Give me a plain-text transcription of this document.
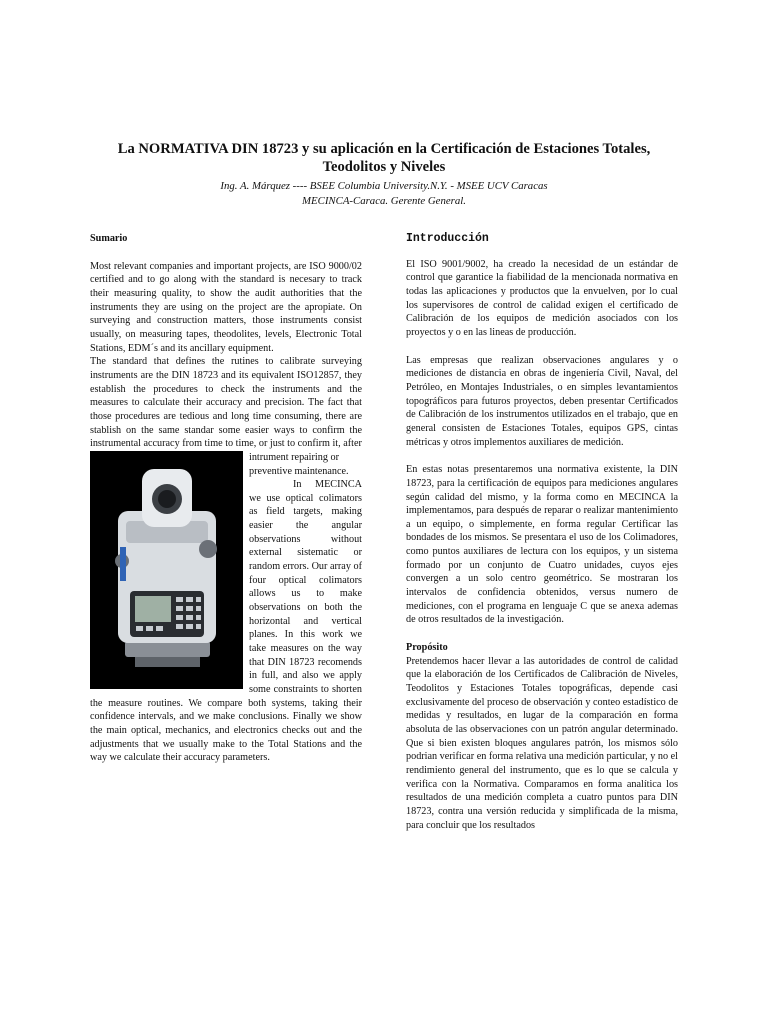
La NORMATIVA DIN 18723 y su aplicación en la Certificación de Estaciones Totales,
Teodolitos y Niveles

Ing. A. Márquez ---- BSEE Columbia University.N.Y. - MSEE UCV Caracas

MECINCA-Caraca. Gerente General.

Sumario

Most relevant companies and important projects, are ISO 9000/02 certified and to go along with the standard is necesary to track their measuring quality, to show the audit authorities that the instruments they are using on the project are the apropiate. On surveying and construction matters, those instruments consist usually, on measuring tapes, theodolites, levels, Electronic Total Stations, EDM´s and its ancillary equipment.

The standard that defines the rutines to calibrate surveying instruments are the DIN 18723 and its equivalent ISO12857, they establish the procedures to check the instruments and the measures to calculate their accuracy and precision. The fact that those procedures are tedious and long time consuming, there are stablish on the same standar some easier ways to confirm the instrumental accuracy from time to time, or just to confirm it, after

intrument repairing or preventive maintenance.

In MECINCA we use optical colimators as field targets, making easier the angular observations without external sistematic or random errors. Our array of four optical colimators allows us to make observations on both the horizontal and vertical planes. In this work we take measures on the way that DIN 18723 recomends in full, and also we apply some constraints to shorten the measure routines. We compare both systems, taking their confidence intervals, and we make conclusions. Finally we show the main optical, mechanics, and electronics checks out and the adjustments that we usually make to the Total Stations and the way we calculate their accuracy parameters.

Introducción

El ISO 9001/9002, ha creado la necesidad de un estándar de control que garantice la fiabilidad de la mencionada normativa en todas las aplicaciones y productos que la envuelven, por lo cual los supervisores de control de calidad exigen el certificado de Calibración de los equipos de medición asociados con los proyectos y o en las lineas de producción.

Las empresas que realizan observaciones angulares y o mediciones de distancia en obras de ingeniería Civil, Naval, del Petróleo, en Montajes Industriales, o en simples levantamientos topográficos para futuros proyectos, deben presentar Certificados de Calibración de los instrumentos utilizados en el trabajo, que en general consisten de Estaciones Totales, equipos GPS, cintas métricas y otros implementos auxiliares de medición.

En estas notas presentaremos una normativa existente, la DIN 18723, para la certificación de equipos para mediciones angulares según calidad del mismo, y la forma como en MECINCA la implementamos, para después de reparar o realizar mantenimiento a un equipo, o simplemente, en forma regular Certificar las bondades de los mismos. Se presentara el uso de los Colimadores, como puntos auxiliares de lectura con los equipos, y un sistema formado por un conjunto de Cuatro unidades, cuyos ejes convergen a un solo centro geométrico. Se mostraran los intervalos de confidencia obtenidos, versus numero de mediciones, con el programa en lenguaje C que se anexa ademas de otros resultados de la investigación.

Propósito

Pretendemos hacer llevar a las autoridades de control de calidad que la elaboración de los Certificados de Calibración de Niveles, Teodolitos y Estaciones Totales topográficas, depende casi exclusivamente del proceso de observación y conteo estadístico de medidas y resultados, en lugar de la comparación en forma absoluta de las observaciones con un patrón angular determinado. Que si bien existen bloques angulares patrón, los mismos sólo podrian verificar en forma relativa una medición particular, y no el rendimiento general del instrumento, que es lo que se calcula y verifica con la Normativa. Comparamos en forma analítica los resultados de una medición completa a cuatro puntos para DIN 18723, contra una versión reducida y simplificada de la misma, para concluir que los resultados
